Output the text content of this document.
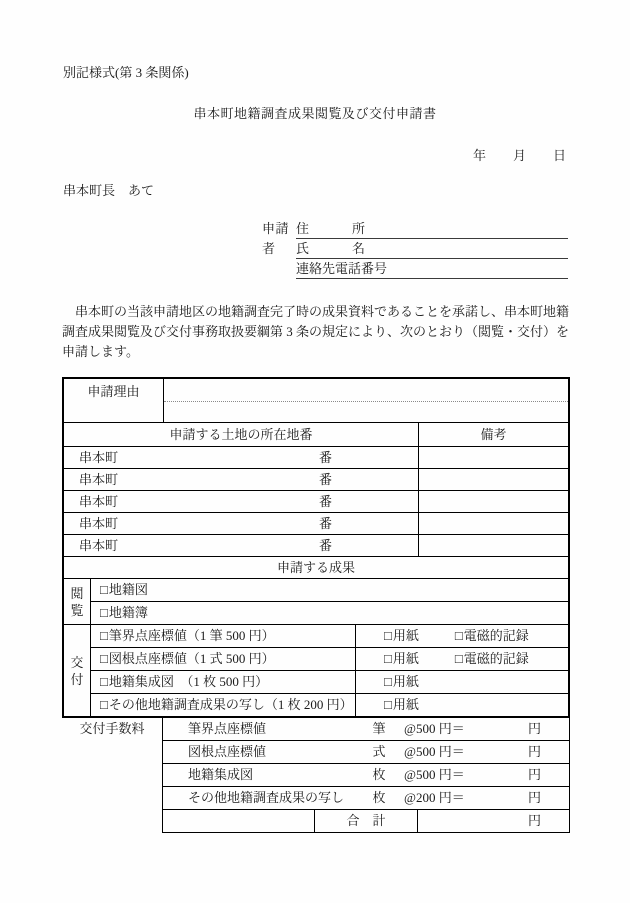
別記様式(第 3 条関係)
串本町地籍調査成果閲覧及び交付申請書
年 月 日
串本町長　あて
申請者
住	所
氏	名
連絡先電話番号
　串本町の当該申請地区の地籍調査完了時の成果資料であることを承諾し、串本町地籍調査成果閲覧及び交付事務取扱要綱第 3 条の規定により、次のとおり（閲覧・交付）を申請します。
申請理由
申請する土地の所在地番	備考
串本町	番
串本町	番
串本町	番
串本町	番
串本町	番
申請する成果
閲覧
□ 地籍図
□ 地籍簿
交付
□ 筆界点座標値（1 筆 500 円）	□用紙	□電磁的記録
□ 図根点座標値（1 式 500 円）	□用紙	□電磁的記録
□ 地籍集成図　（1 枚 500 円）	□用紙
□ その他地籍調査成果の写し（1 枚 200 円） □用紙
交付手数料	筆界点座標値	筆 @500 円＝	円
図根点座標値	式 @500 円＝	円
地籍集成図	枚 @500 円＝	円
その他地籍調査成果の写し	枚 @200 円＝	円
合　計	円
